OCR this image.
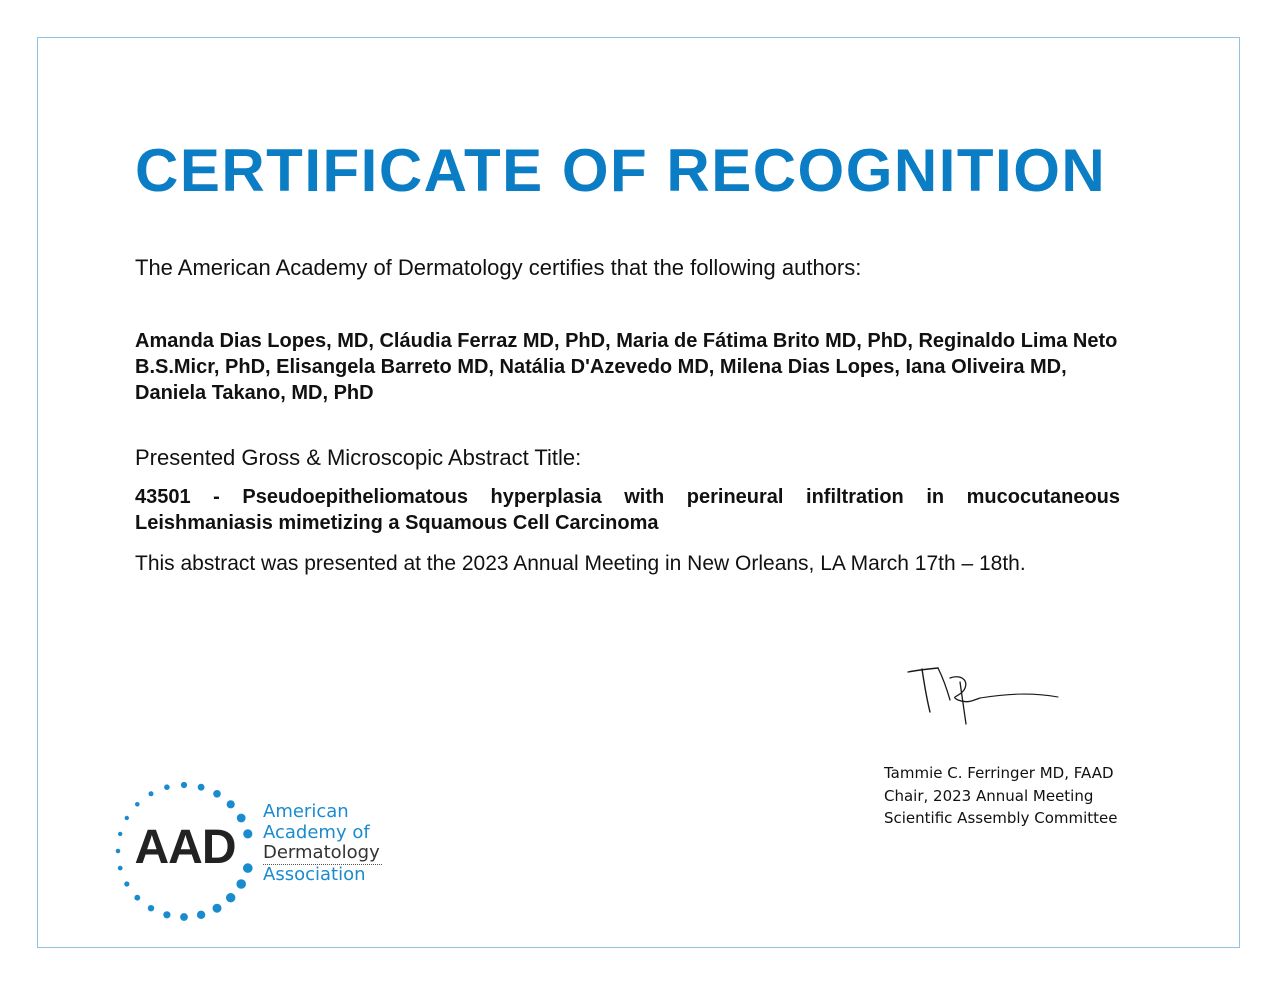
CERTIFICATE OF RECOGNITION

The American Academy of Dermatology certifies that the following authors:

Amanda Dias Lopes, MD, Cláudia Ferraz MD, PhD, Maria de Fátima Brito MD, PhD, Reginaldo Lima Neto B.S.Micr, PhD, Elisangela Barreto MD, Natália D'Azevedo MD, Milena Dias Lopes, Iana Oliveira MD, Daniela Takano, MD, PhD

Presented Gross & Microscopic Abstract Title:

43501 - Pseudoepitheliomatous hyperplasia with perineural infiltration in mucocutaneous Leishmaniasis mimetizing a Squamous Cell Carcinoma

This abstract was presented at the 2023 Annual Meeting in New Orleans, LA March 17th – 18th.

Tammie C. Ferringer MD, FAAD
Chair, 2023 Annual Meeting
Scientific Assembly Committee
AAD
American
Academy of
Dermatology
Association
